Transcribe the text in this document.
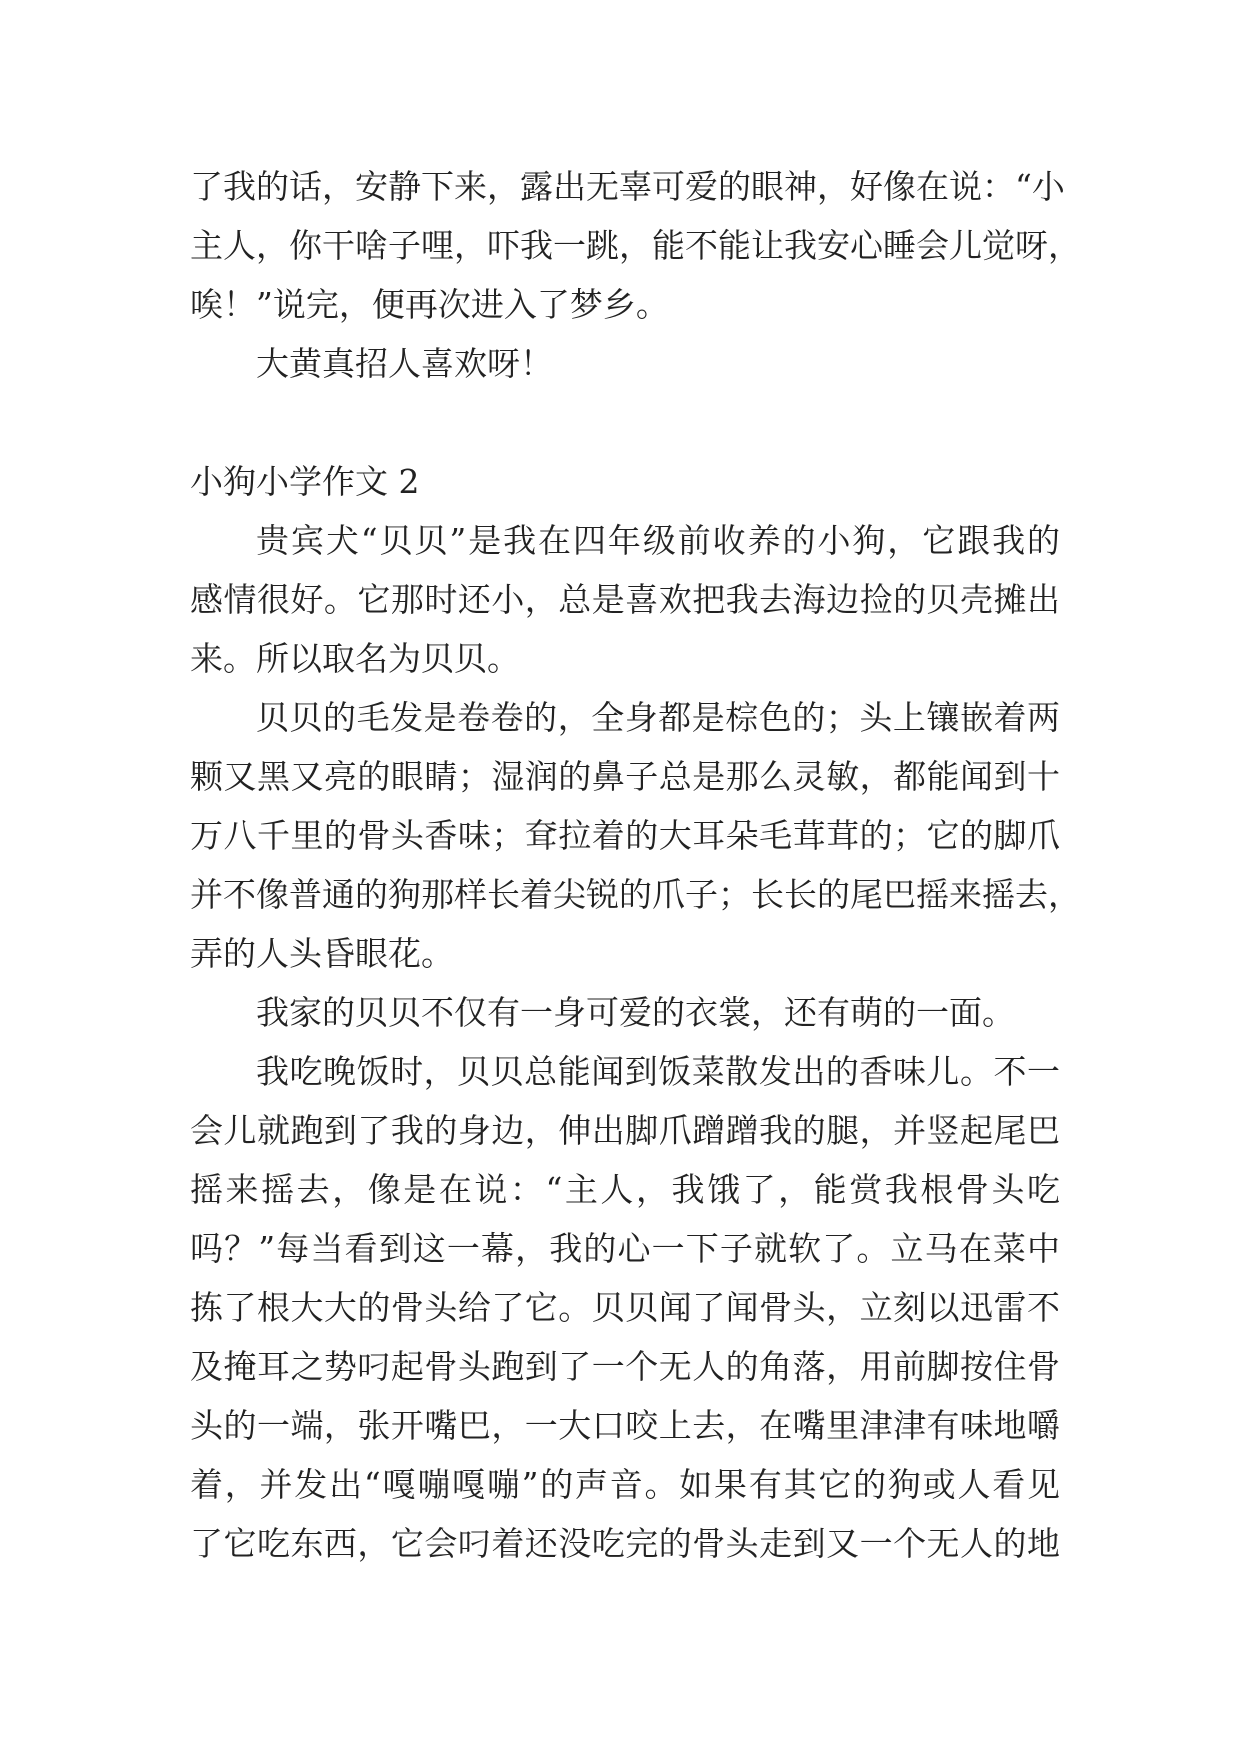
了我的话，安静下来，露出无辜可爱的眼神，好像在说：“小
主人，你干啥子哩，吓我一跳，能不能让我安心睡会儿觉呀，
唉！”说完，便再次进入了梦乡。
大黄真招人喜欢呀！
小狗小学作文 2
贵宾犬“贝贝”是我在四年级前收养的小狗，它跟我的
感情很好。它那时还小，总是喜欢把我去海边捡的贝壳摊出
来。所以取名为贝贝。
贝贝的毛发是卷卷的，全身都是棕色的；头上镶嵌着两
颗又黑又亮的眼睛；湿润的鼻子总是那么灵敏，都能闻到十
万八千里的骨头香味；耷拉着的大耳朵毛茸茸的；它的脚爪
并不像普通的狗那样长着尖锐的爪子；长长的尾巴摇来摇去，
弄的人头昏眼花。
我家的贝贝不仅有一身可爱的衣裳，还有萌的一面。
我吃晚饭时，贝贝总能闻到饭菜散发出的香味儿。不一
会儿就跑到了我的身边，伸出脚爪蹭蹭我的腿，并竖起尾巴
摇来摇去，像是在说：“主人，我饿了，能赏我根骨头吃
吗？”每当看到这一幕，我的心一下子就软了。立马在菜中
拣了根大大的骨头给了它。贝贝闻了闻骨头，立刻以迅雷不
及掩耳之势叼起骨头跑到了一个无人的角落，用前脚按住骨
头的一端，张开嘴巴，一大口咬上去，在嘴里津津有味地嚼
着，并发出“嘎嘣嘎嘣”的声音。如果有其它的狗或人看见
了它吃东西，它会叼着还没吃完的骨头走到又一个无人的地
